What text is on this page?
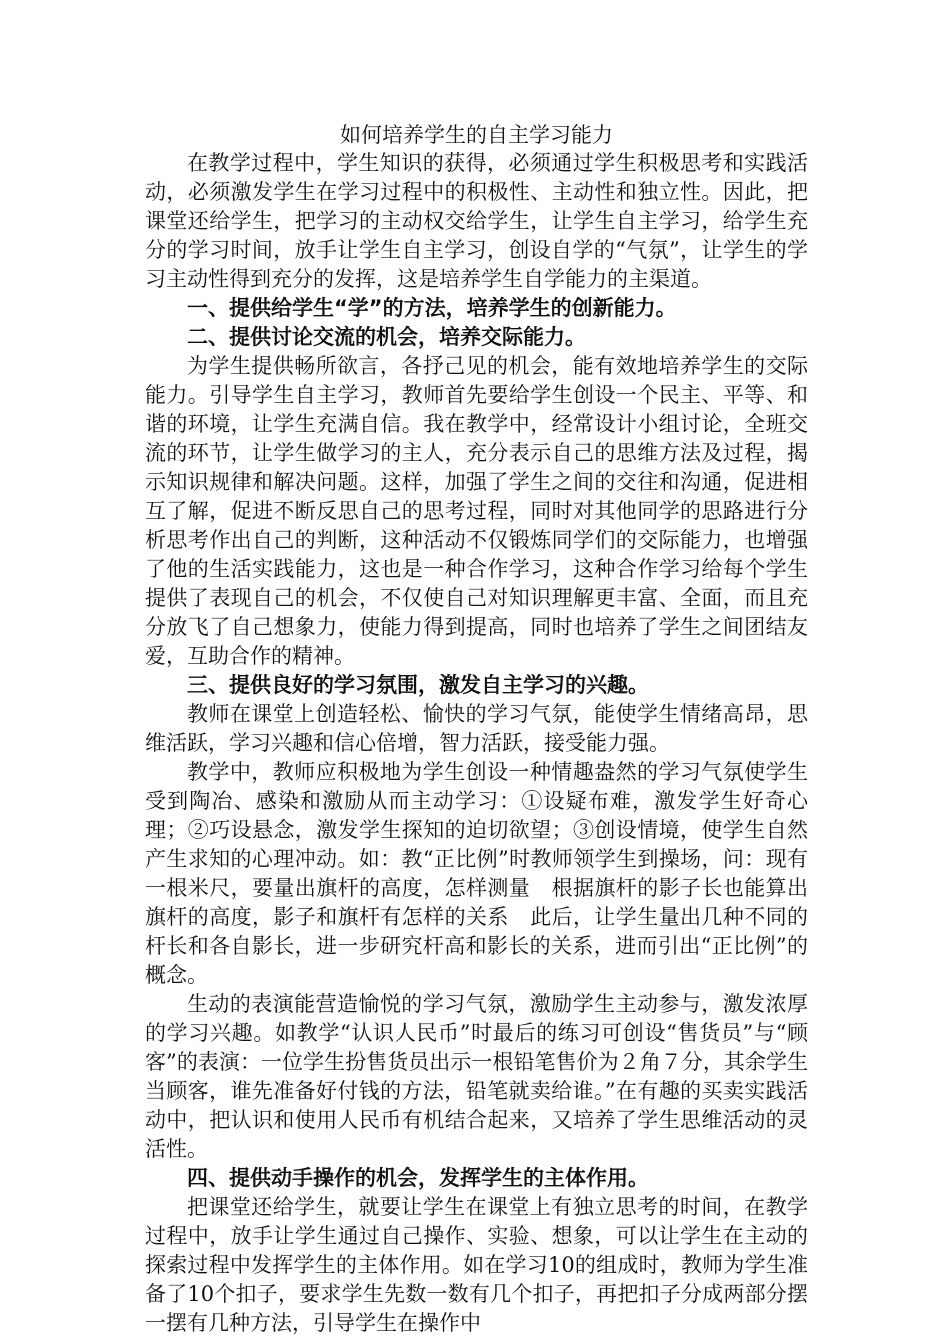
如何培养学生的自主学习能力

在教学过程中，学生知识的获得，必须通过学生积极思考和实践活动，必须激发学生在学习过程中的积极性、主动性和独立性。因此，把课堂还给学生，把学习的主动权交给学生，让学生自主学习，给学生充分的学习时间，放手让学生自主学习，创设自学的“气氛”，让学生的学习主动性得到充分的发挥，这是培养学生自学能力的主渠道。

一、提供给学生“学”的方法，培养学生的创新能力。
二、提供讨论交流的机会，培养交际能力。

为学生提供畅所欲言，各抒己见的机会，能有效地培养学生的交际能力。引导学生自主学习，教师首先要给学生创设一个民主、平等、和谐的环境，让学生充满自信。我在教学中，经常设计小组讨论，全班交流的环节，让学生做学习的主人，充分表示自己的思维方法及过程，揭示知识规律和解决问题。这样，加强了学生之间的交往和沟通，促进相互了解，促进不断反思自己的思考过程，同时对其他同学的思路进行分析思考作出自己的判断，这种活动不仅锻炼同学们的交际能力，也增强了他的生活实践能力，这也是一种合作学习，这种合作学习给每个学生提供了表现自己的机会，不仅使自己对知识理解更丰富、全面，而且充分放飞了自己想象力，使能力得到提高，同时也培养了学生之间团结友爱，互助合作的精神。

三、提供良好的学习氛围，激发自主学习的兴趣。

教师在课堂上创造轻松、愉快的学习气氛，能使学生情绪高昂，思维活跃，学习兴趣和信心倍增，智力活跃，接受能力强。

教学中，教师应积极地为学生创设一种情趣盎然的学习气氛使学生受到陶冶、感染和激励从而主动学习：①设疑布难，激发学生好奇心理；②巧设悬念，激发学生探知的迫切欲望；③创设情境，使学生自然产生求知的心理冲动。如：教“正比例”时教师领学生到操场，问：现有一根米尺，要量出旗杆的高度，怎样测量　根据旗杆的影子长也能算出旗杆的高度，影子和旗杆有怎样的关系　此后，让学生量出几种不同的杆长和各自影长，进一步研究杆高和影长的关系，进而引出“正比例”的概念。

生动的表演能营造愉悦的学习气氛，激励学生主动参与，激发浓厚的学习兴趣。如教学“认识人民币”时最后的练习可创设“售货员”与“顾客”的表演：一位学生扮售货员出示一根铅笔售价为２角７分，其余学生当顾客，谁先准备好付钱的方法，铅笔就卖给谁。”在有趣的买卖实践活动中，把认识和使用人民币有机结合起来，又培养了学生思维活动的灵活性。

四、提供动手操作的机会，发挥学生的主体作用。

把课堂还给学生，就要让学生在课堂上有独立思考的时间，在教学过程中，放手让学生通过自己操作、实验、想象，可以让学生在主动的探索过程中发挥学生的主体作用。如在学习10的组成时，教师为学生准备了10个扣子，要求学生先数一数有几个扣子，再把扣子分成两部分摆一摆有几种方法，引导学生在操作中
